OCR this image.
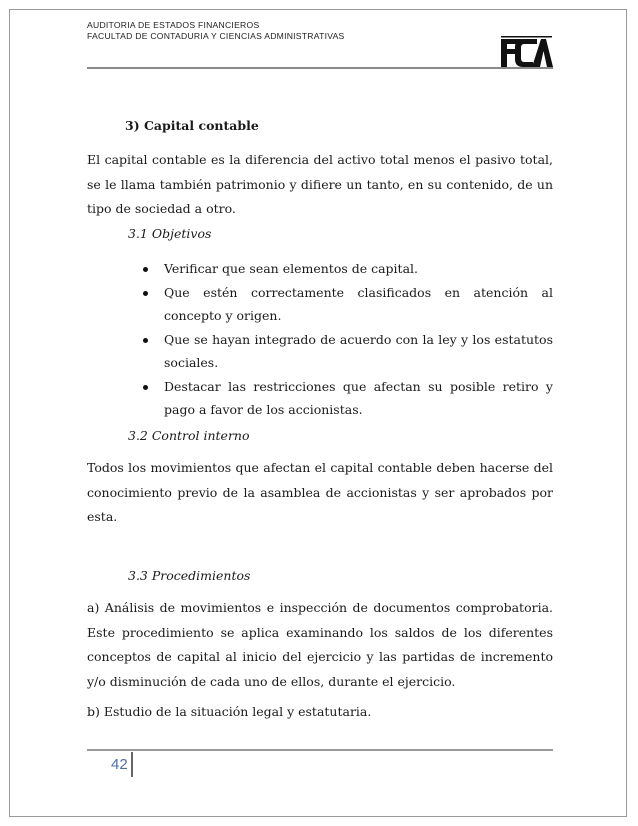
AUDITORIA DE ESTADOS FINANCIEROS
FACULTAD DE CONTADURIA Y CIENCIAS ADMINISTRATIVAS

3) Capital contable

El capital contable es la diferencia del activo total menos el pasivo total, se le llama también patrimonio y difiere un tanto, en su contenido, de un tipo de sociedad a otro.

3.1 Objetivos

Verificar que sean elementos de capital.
Que estén correctamente clasificados en atención al concepto y origen.
Que se hayan integrado de acuerdo con la ley y los estatutos sociales.
Destacar las restricciones que afectan su posible retiro y pago a favor de los accionistas.

3.2 Control interno

Todos los movimientos que afectan el capital contable deben hacerse del conocimiento previo de la asamblea de accionistas y ser aprobados por esta.

3.3 Procedimientos

a) Análisis de movimientos e inspección de documentos comprobatoria. Este procedimiento se aplica examinando los saldos de los diferentes conceptos de capital al inicio del ejercicio y las partidas de incremento y/o disminución de cada uno de ellos, durante el ejercicio.

b) Estudio de la situación legal y estatutaria.

42
